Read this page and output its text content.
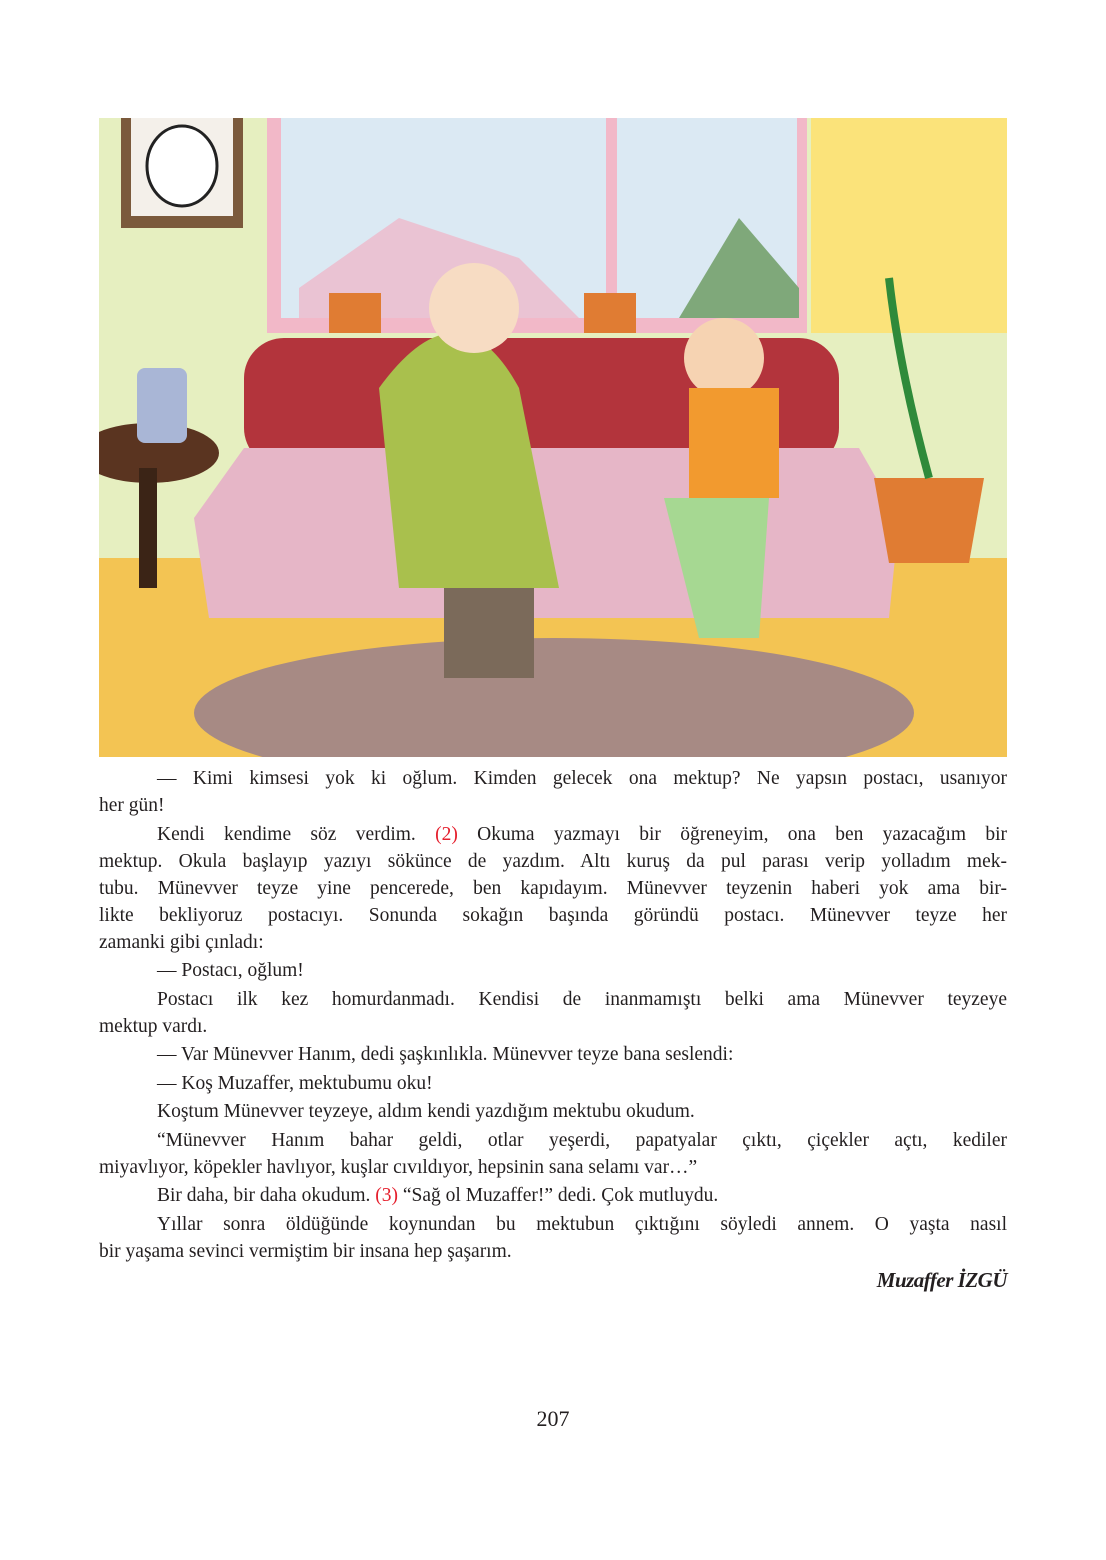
— Kimi kimsesi yok ki oğlum. Kimden gelecek ona mektup? Ne yapsın postacı, usanıyor
her gün!
Kendi kendime söz verdim. (2) Okuma yazmayı bir öğreneyim, ona ben yazacağım bir
mektup. Okula başlayıp yazıyı sökünce de yazdım. Altı kuruş da pul parası verip yolladım mek-
tubu. Münevver teyze yine pencerede, ben kapıdayım. Münevver teyzenin haberi yok ama bir-
likte bekliyoruz postacıyı. Sonunda sokağın başında göründü postacı. Münevver teyze her
zamanki gibi çınladı:
— Postacı, oğlum!
Postacı ilk kez homurdanmadı. Kendisi de inanmamıştı belki ama Münevver teyzeye
mektup vardı.
— Var Münevver Hanım, dedi şaşkınlıkla. Münevver teyze bana seslendi:
— Koş Muzaffer, mektubumu oku!
Koştum Münevver teyzeye, aldım kendi yazdığım mektubu okudum.
“Münevver Hanım bahar geldi, otlar yeşerdi, papatyalar çıktı, çiçekler açtı, kediler
miyavlıyor, köpekler havlıyor, kuşlar cıvıldıyor, hepsinin sana selamı var…”
Bir daha, bir daha okudum. (3) “Sağ ol Muzaffer!” dedi. Çok mutluydu.
Yıllar sonra öldüğünde koynundan bu mektubun çıktığını söyledi annem. O yaşta nasıl
bir yaşama sevinci vermiştim bir insana hep şaşarım.
Muzaffer İZGÜ
207
